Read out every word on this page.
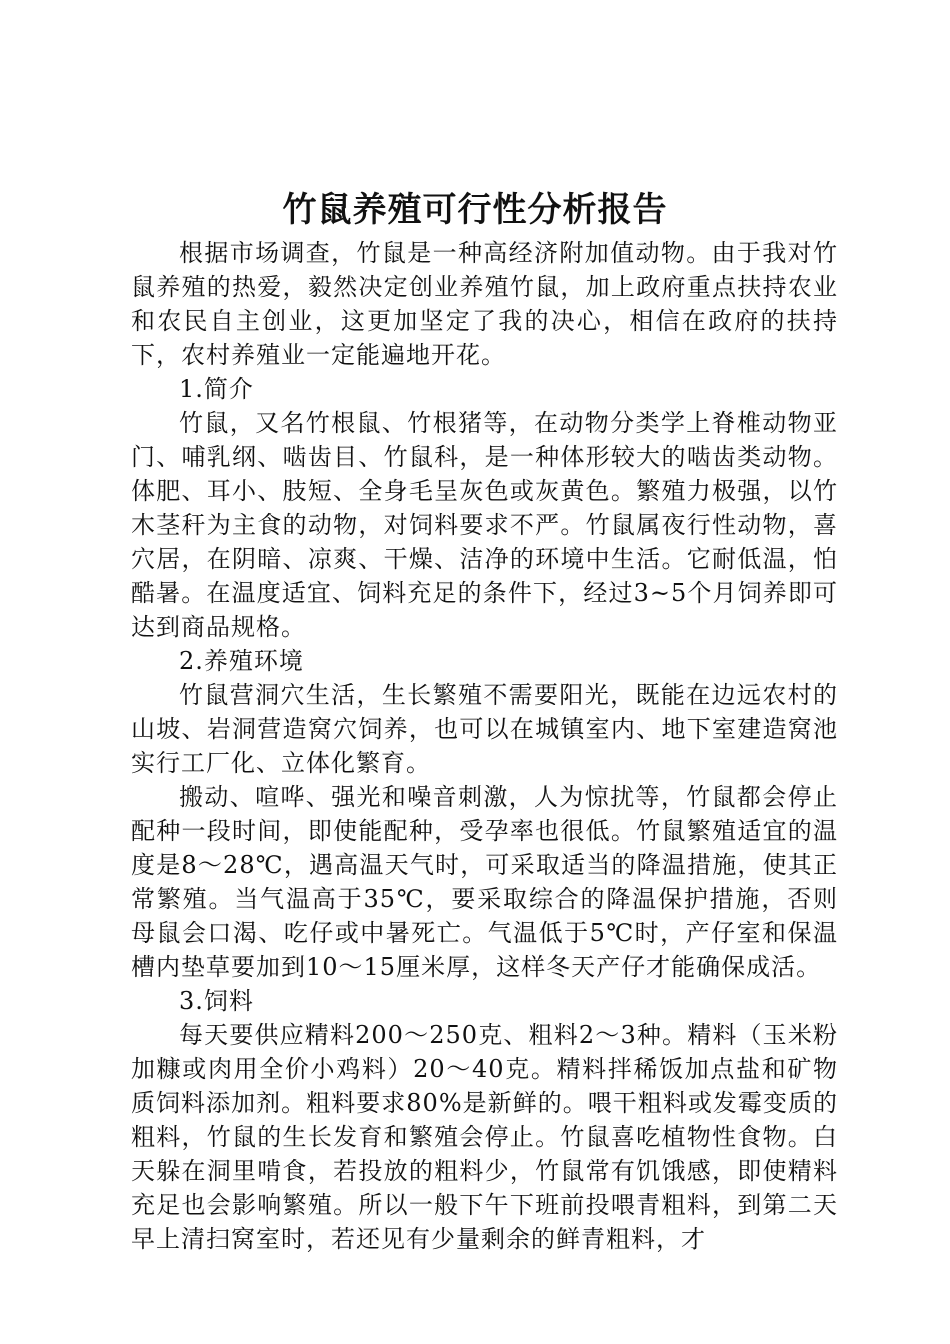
竹鼠养殖可行性分析报告

根据市场调查，竹鼠是一种高经济附加值动物。由于我对竹鼠养殖的热爱，毅然决定创业养殖竹鼠，加上政府重点扶持农业和农民自主创业，这更加坚定了我的决心，相信在政府的扶持下，农村养殖业一定能遍地开花。

1.简介

竹鼠，又名竹根鼠、竹根猪等，在动物分类学上脊椎动物亚门、哺乳纲、啮齿目、竹鼠科，是一种体形较大的啮齿类动物。体肥、耳小、肢短、全身毛呈灰色或灰黄色。繁殖力极强，以竹木茎秆为主食的动物，对饲料要求不严。竹鼠属夜行性动物，喜穴居，在阴暗、凉爽、干燥、洁净的环境中生活。它耐低温，怕酷暑。在温度适宜、饲料充足的条件下，经过3~5个月饲养即可达到商品规格。

2.养殖环境

竹鼠营洞穴生活，生长繁殖不需要阳光，既能在边远农村的山坡、岩洞营造窝穴饲养，也可以在城镇室内、地下室建造窝池实行工厂化、立体化繁育。

搬动、喧哗、强光和噪音刺激，人为惊扰等，竹鼠都会停止配种一段时间，即使能配种，受孕率也很低。竹鼠繁殖适宜的温度是8～28℃，遇高温天气时，可采取适当的降温措施，使其正常繁殖。当气温高于35℃，要采取综合的降温保护措施，否则母鼠会口渴、吃仔或中暑死亡。气温低于5℃时，产仔室和保温槽内垫草要加到10～15厘米厚，这样冬天产仔才能确保成活。

3.饲料

每天要供应精料200～250克、粗料2～3种。精料（玉米粉加糠或肉用全价小鸡料）20～40克。精料拌稀饭加点盐和矿物质饲料添加剂。粗料要求80%是新鲜的。喂干粗料或发霉变质的粗料，竹鼠的生长发育和繁殖会停止。竹鼠喜吃植物性食物。白天躲在洞里啃食，若投放的粗料少，竹鼠常有饥饿感，即使精料充足也会影响繁殖。所以一般下午下班前投喂青粗料，到第二天早上清扫窝室时，若还见有少量剩余的鲜青粗料，才
